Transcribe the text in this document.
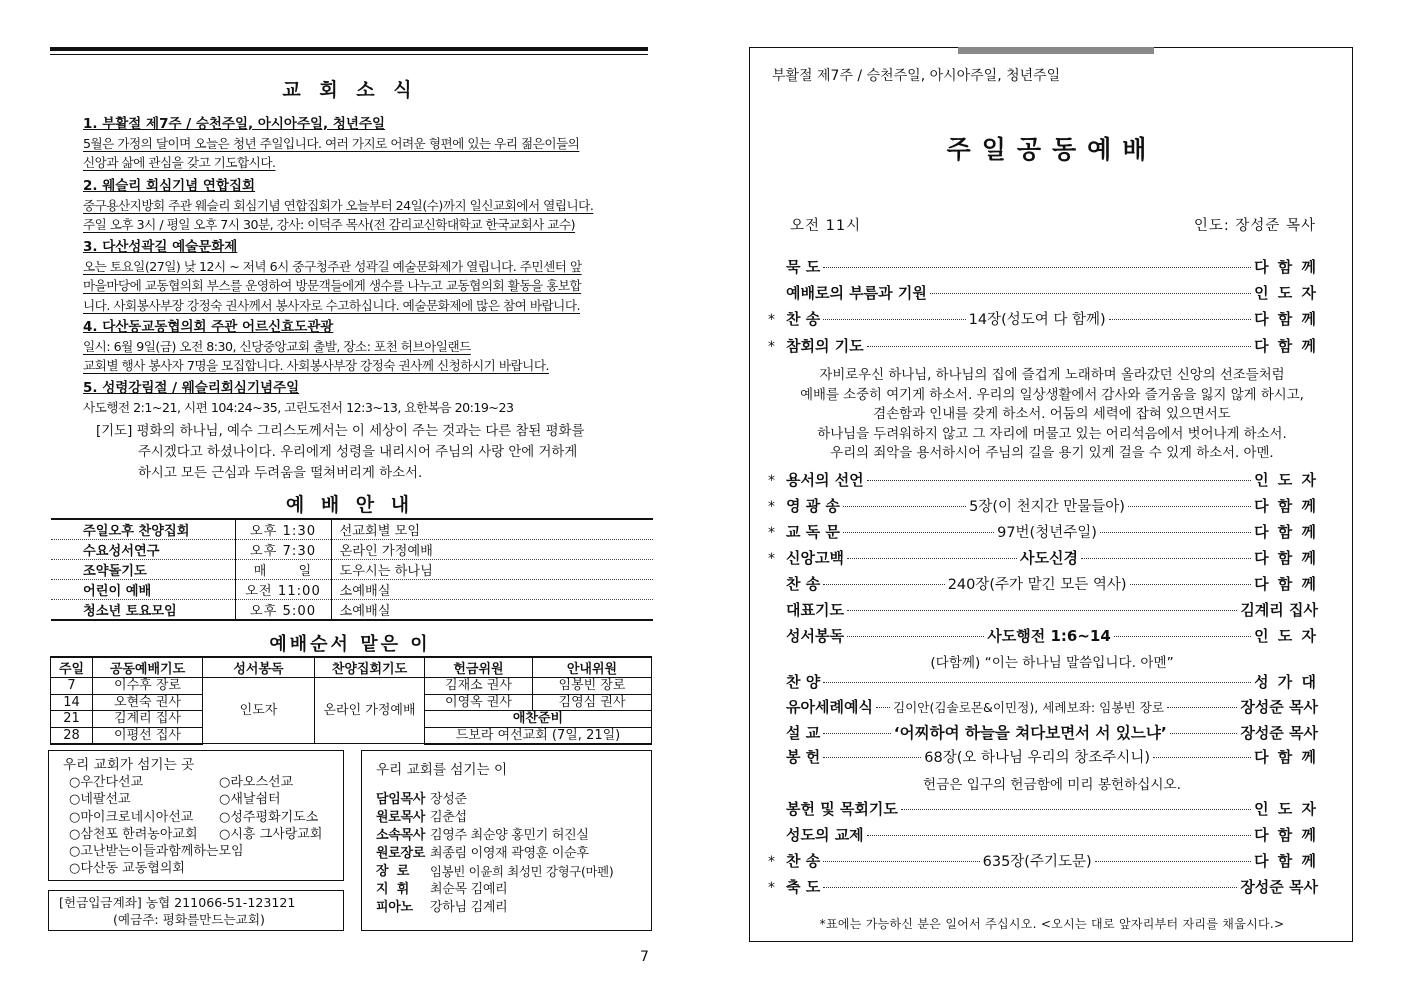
교 회 소 식
1. 부활절 제7주 / 승천주일, 아시아주일, 청년주일

5월은 가정의 달이며 오늘은 청년 주일입니다. 여러 가지로 어려운 형편에 있는 우리 젊은이들의

신앙과 삶에 관심을 갖고 기도합시다.

2. 웨슬리 회심기념 연합집회

중구용산지방회 주관 웨슬리 회심기념 연합집회가 오늘부터 24일(수)까지 일신교회에서 열립니다.

주일 오후 3시 / 평일 오후 7시 30분, 강사: 이덕주 목사(전 감리교신학대학교 한국교회사 교수)

3. 다산성곽길 예술문화제

오는 토요일(27일) 낮 12시 ~ 저녁 6시 중구청주관 성곽길 예술문화제가 열립니다. 주민센터 앞

마을마당에 교동협의회 부스를 운영하여 방문객들에게 생수를 나누고 교동협의회 활동을 홍보합

니다. 사회봉사부장 강정숙 권사께서 봉사자로 수고하십니다. 예술문화제에 많은 참여 바랍니다.

4. 다산동교동협의회 주관 어르신효도관광

일시: 6월 9일(금) 오전 8:30, 신당중앙교회 출발, 장소: 포천 허브아일랜드

교회별 행사 봉사자 7명을 모집합니다. 사회봉사부장 강정숙 권사께 신청하시기 바랍니다.

5. 성령강림절 / 웨슬리회심기념주일

사도행전 2:1~21, 시편 104:24~35, 고린도전서 12:3~13, 요한복음 20:19~23

[기도] 평화의 하나님, 예수 그리스도께서는 이 세상이 주는 것과는 다른 참된 평화를
주시겠다고 하셨나이다. 우리에게 성령을 내리시어 주님의 사랑 안에 거하게
하시고 모든 근심과 두려움을 떨쳐버리게 하소서.
예 배 안 내
주일오후 찬양집회	오후 1:30	선교회별 모임
수요성서연구	오후 7:30	온라인 가정예배
조약돌기도	매      일	도우시는 하나님
어린이 예배	오전 11:00	소예배실
청소년 토요모임	오후 5:00	소예배실
예배순서 맡은 이
주일	공동예배기도	성서봉독	찬양집회기도	헌금위원	안내위원
7	이수후 장로	인도자	온라인 가정예배	김재소 권사	임봉빈 장로
14	오현숙 권사			이영옥 권사	김영심 권사
21	김계리 집사			애찬준비	
28	이평선 집사			드보라 여선교회 (7일, 21일)	
우리 교회가 섬기는 곳
○우간다선교	○라오스선교
○네팔선교	○새날쉼터
○마이크로네시아선교	○성주평화기도소
○삼천포 한려농아교회	○시흥 그사랑교회
○고난받는이들과함께하는모임
○다산동 교동협의회
우리 교회를 섬기는 이
담임목사 장성준
원로목사 김춘섭
소속목사 김영주 최순양 홍민기 허진실
원로장로 최종림 이영재 곽영훈 이순후
장  로	임봉빈 이윤희 최성민 강형구(마펜)
지  휘	최순목 김예리
피아노	강하님 김계리
[헌금입금계좌] 농협 211066-51-123121
(예금주: 평화를만드는교회)
7
부활절 제7주 / 승천주일, 아시아주일, 청년주일
주일공동예배
오전 11시	인도: 장성준 목사
묵 도	다 함 께
예배로의 부름과 기원	인 도 자
* 찬 송	14장(성도여 다 함께)	다 함 께
* 참회의 기도	다 함 께
자비로우신 하나님, 하나님의 집에 즐겁게 노래하며 올라갔던 신앙의 선조들처럼
예배를 소중히 여기게 하소서. 우리의 일상생활에서 감사와 즐거움을 잃지 않게 하시고,
겸손함과 인내를 갖게 하소서. 어둠의 세력에 잡혀 있으면서도
하나님을 두려워하지 않고 그 자리에 머물고 있는 어리석음에서 벗어나게 하소서.
우리의 죄악을 용서하시어 주님의 길을 용기 있게 걸을 수 있게 하소서. 아멘.
* 용서의 선언	인 도 자
* 영 광 송	5장(이 천지간 만물들아)	다 함 께
* 교 독 문	97번(청년주일)	다 함 께
* 신앙고백	사도신경	다 함 께
찬 송	240장(주가 맡긴 모든 역사)	다 함 께
대표기도	김계리 집사
성서봉독	사도행전 1:6~14	인 도 자
(다함께) “이는 하나님 말씀입니다. 아멘”
찬 양	성 가 대
유아세례예식 김이안(김솔로몬&이민정), 세례보좌: 임봉빈 장로	장성준 목사
설 교	‘어찌하여 하늘을 쳐다보면서 서 있느냐’	장성준 목사
봉 헌	68장(오 하나님 우리의 창조주시니)	다 함 께
헌금은 입구의 헌금함에 미리 봉헌하십시오.
봉헌 및 목회기도	인 도 자
성도의 교제	다 함 께
* 찬 송	635장(주기도문)	다 함 께
* 축 도	장성준 목사
*표에는 가능하신 분은 일어서 주십시오. <오시는 대로 앞자리부터 자리를 채웁시다.>
